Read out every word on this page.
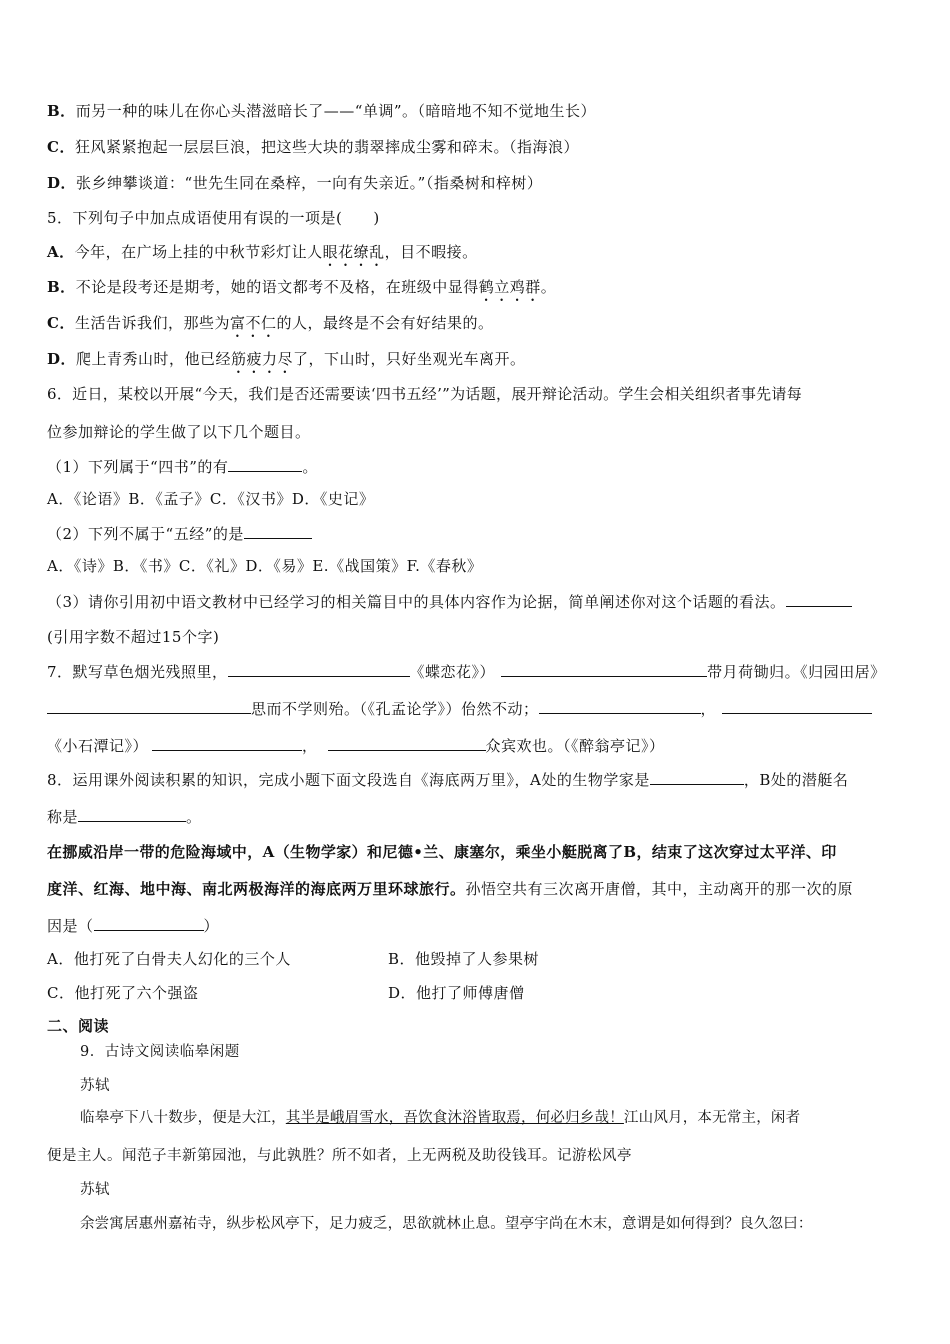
B．而另一种的味儿在你心头潜滋暗长了——“单调”。（暗暗地不知不觉地生长）
C．狂风紧紧抱起一层层巨浪，把这些大块的翡翠摔成尘雾和碎末。（指海浪）
D．张乡绅攀谈道：“世先生同在桑梓，一向有失亲近。”（指桑树和梓树）
5．下列句子中加点成语使用有误的一项是(　　)
A．今年，在广场上挂的中秋节彩灯让人眼花缭乱，目不暇接。
B．不论是段考还是期考，她的语文都考不及格，在班级中显得鹤立鸡群。
C．生活告诉我们，那些为富不仁的人，最终是不会有好结果的。
D．爬上青秀山时，他已经筋疲力尽了，下山时，只好坐观光车离开。
6．近日，某校以开展“今天，我们是否还需要读‘四书五经’”为话题，展开辩论活动。学生会相关组织者事先请每
位参加辩论的学生做了以下几个题目。
（1）下列属于“四书”的有	。
A．《论语》B．《孟子》C．《汉书》D．《史记》
（2）下列不属于“五经”的是
A．《诗》B．《书》C．《礼》D．《易》E.《战国策》F.《春秋》
（3）请你引用初中语文教材中已经学习的相关篇目中的具体内容作为论据，简单阐述你对这个话题的看法。
(引用字数不超过15个字)
7．默写草色烟光残照里，	《蝶恋花》）	带月荷锄归。《归园田居》
思而不学则殆。（《孔孟论学》）佁然不动；	，
《小石潭记》）	，	众宾欢也。（《醉翁亭记》）
8．运用课外阅读积累的知识，完成小题下面文段选自《海底两万里》，A处的生物学家是	，B处的潜艇名
称是	。
在挪威沿岸一带的危险海域中，A（生物学家）和尼德•兰、康塞尔，乘坐小艇脱离了B，结束了这次穿过太平洋、印
度洋、红海、地中海、南北两极海洋的海底两万里环球旅行。孙悟空共有三次离开唐僧，其中，主动离开的那一次的原
因是（	）
A．他打死了白骨夫人幻化的三个人	B．他毁掉了人参果树
C．他打死了六个强盗	D．他打了师傅唐僧
二、阅读
9．古诗文阅读临皋闲题
苏轼
临皋亭下八十数步，便是大江，其半是峨眉雪水，吾饮食沐浴皆取焉，何必归乡哉！江山风月，本无常主，闲者
便是主人。闻范子丰新第园池，与此孰胜？所不如者，上无两税及助役钱耳。记游松风亭
苏轼
余尝寓居惠州嘉祐寺，纵步松风亭下，足力疲乏，思欲就林止息。望亭宇尚在木末，意谓是如何得到？良久忽曰：
